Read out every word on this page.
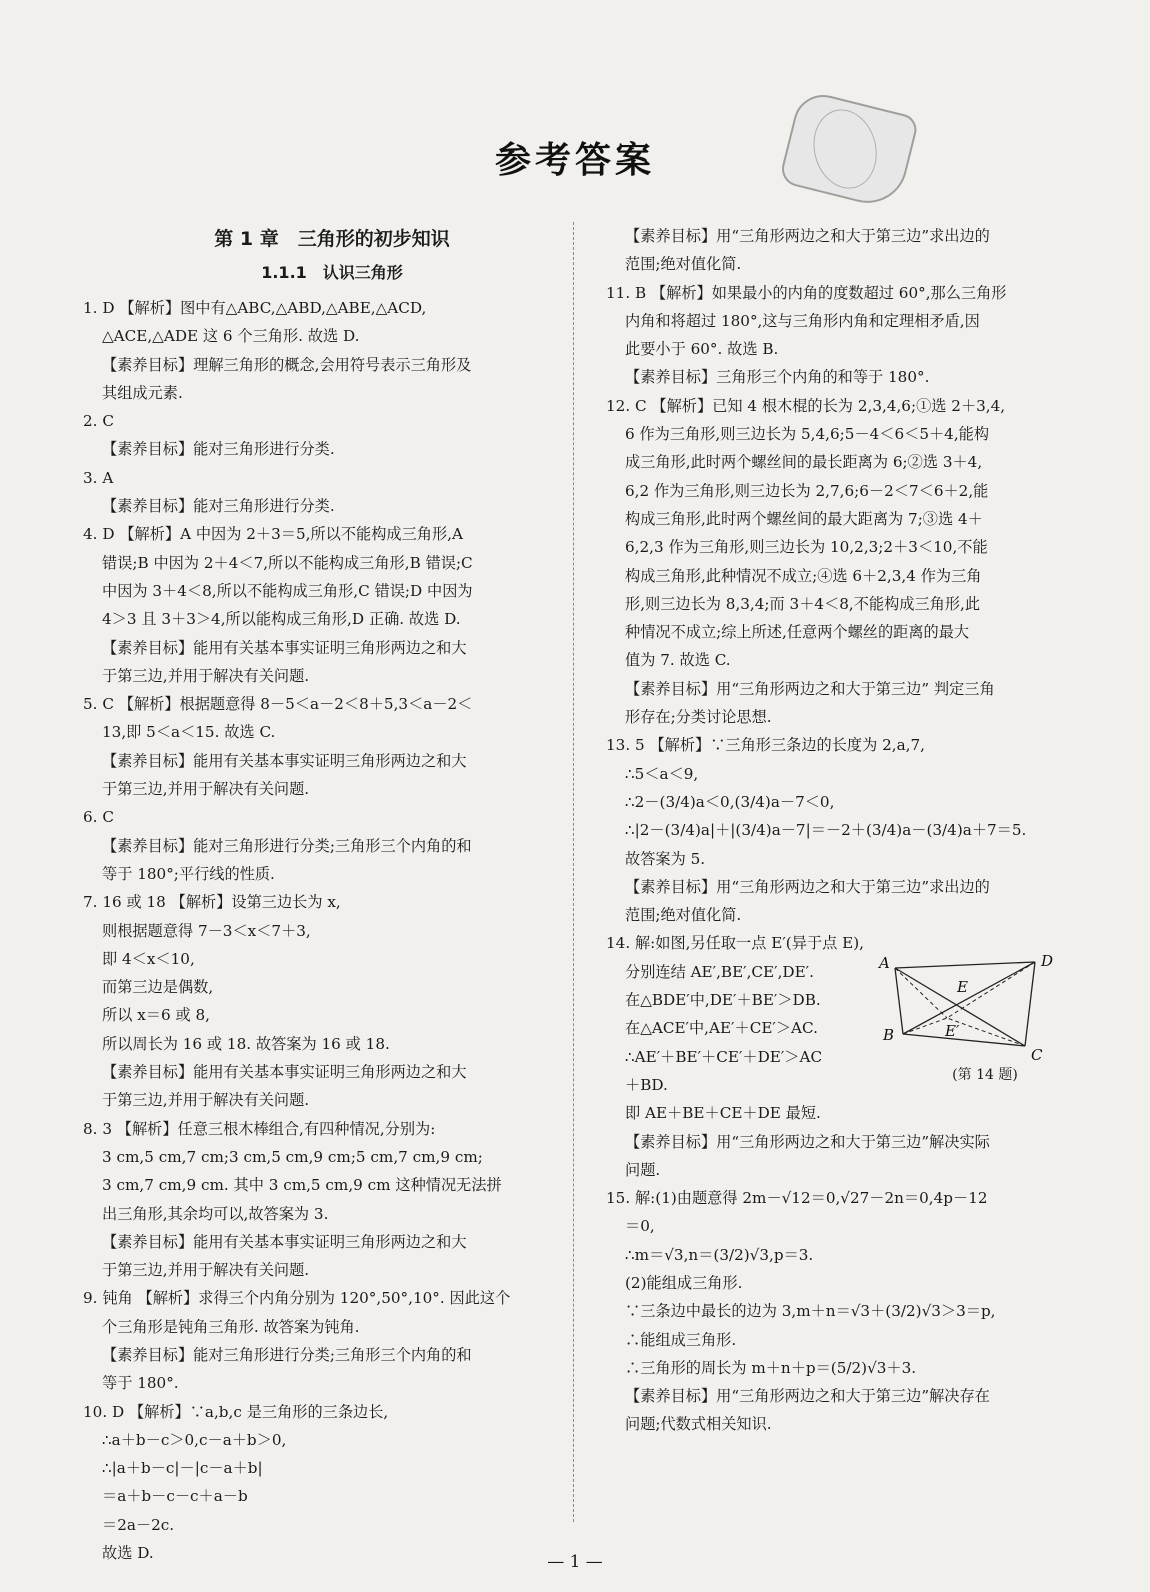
参考答案
第 1 章　三角形的初步知识
1.1.1　认识三角形
1. D 【解析】图中有△ABC,△ABD,△ABE,△ACD,
△ACE,△ADE 这 6 个三角形. 故选 D.
【素养目标】理解三角形的概念,会用符号表示三角形及
其组成元素.
2. C
【素养目标】能对三角形进行分类.
3. A
【素养目标】能对三角形进行分类.
4. D 【解析】A 中因为 2＋3＝5,所以不能构成三角形,A
错误;B 中因为 2＋4＜7,所以不能构成三角形,B 错误;C
中因为 3＋4＜8,所以不能构成三角形,C 错误;D 中因为
4＞3 且 3＋3＞4,所以能构成三角形,D 正确. 故选 D.
【素养目标】能用有关基本事实证明三角形两边之和大
于第三边,并用于解决有关问题.
5. C 【解析】根据题意得 8－5＜a－2＜8＋5,3＜a－2＜
13,即 5＜a＜15. 故选 C.
【素养目标】能用有关基本事实证明三角形两边之和大
于第三边,并用于解决有关问题.
6. C
【素养目标】能对三角形进行分类;三角形三个内角的和
等于 180°;平行线的性质.
7. 16 或 18 【解析】设第三边长为 x,
则根据题意得 7－3＜x＜7＋3,
即 4＜x＜10,
而第三边是偶数,
所以 x＝6 或 8,
所以周长为 16 或 18. 故答案为 16 或 18.
【素养目标】能用有关基本事实证明三角形两边之和大
于第三边,并用于解决有关问题.
8. 3 【解析】任意三根木棒组合,有四种情况,分别为:
3 cm,5 cm,7 cm;3 cm,5 cm,9 cm;5 cm,7 cm,9 cm;
3 cm,7 cm,9 cm. 其中 3 cm,5 cm,9 cm 这种情况无法拼
出三角形,其余均可以,故答案为 3.
【素养目标】能用有关基本事实证明三角形两边之和大
于第三边,并用于解决有关问题.
9. 钝角 【解析】求得三个内角分别为 120°,50°,10°. 因此这个
个三角形是钝角三角形. 故答案为钝角.
【素养目标】能对三角形进行分类;三角形三个内角的和
等于 180°.
10. D 【解析】∵a,b,c 是三角形的三条边长,
∴a＋b－c＞0,c－a＋b＞0,
∴|a＋b－c|－|c－a＋b|
＝a＋b－c－c＋a－b
＝2a－2c.
故选 D.
【素养目标】用“三角形两边之和大于第三边”求出边的
范围;绝对值化简.
11. B 【解析】如果最小的内角的度数超过 60°,那么三角形
内角和将超过 180°,这与三角形内角和定理相矛盾,因
此要小于 60°. 故选 B.
【素养目标】三角形三个内角的和等于 180°.
12. C 【解析】已知 4 根木棍的长为 2,3,4,6;①选 2＋3,4,
6 作为三角形,则三边长为 5,4,6;5－4＜6＜5＋4,能构
成三角形,此时两个螺丝间的最长距离为 6;②选 3＋4,
6,2 作为三角形,则三边长为 2,7,6;6－2＜7＜6＋2,能
构成三角形,此时两个螺丝间的最大距离为 7;③选 4＋
6,2,3 作为三角形,则三边长为 10,2,3;2＋3＜10,不能
构成三角形,此种情况不成立;④选 6＋2,3,4 作为三角
形,则三边长为 8,3,4;而 3＋4＜8,不能构成三角形,此
种情况不成立;综上所述,任意两个螺丝的距离的最大
值为 7. 故选 C.
【素养目标】用“三角形两边之和大于第三边” 判定三角
形存在;分类讨论思想.
13. 5 【解析】∵三角形三条边的长度为 2,a,7,
∴5＜a＜9,
∴2－(3/4)a＜0,(3/4)a－7＜0,
∴|2－(3/4)a|＋|(3/4)a－7|＝－2＋(3/4)a－(3/4)a＋7＝5.
故答案为 5.
【素养目标】用“三角形两边之和大于第三边”求出边的
范围;绝对值化简.
14. 解:如图,另任取一点 E′(异于点 E),
分别连结 AE′,BE′,CE′,DE′.
在△BDE′中,DE′＋BE′＞DB.
在△ACE′中,AE′＋CE′＞AC.
∴AE′＋BE′＋CE′＋DE′＞AC
＋BD.
即 AE＋BE＋CE＋DE 最短.
【素养目标】用“三角形两边之和大于第三边”解决实际
问题.
15. 解:(1)由题意得 2m－√12＝0,√27－2n＝0,4p－12
＝0,
∴m＝√3,n＝(3/2)√3,p＝3.
(2)能组成三角形.
∵三条边中最长的边为 3,m＋n＝√3＋(3/2)√3＞3＝p,
∴能组成三角形.
∴三角形的周长为 m＋n＋p＝(5/2)√3＋3.
【素养目标】用“三角形两边之和大于第三边”解决存在
问题;代数式相关知识.
A
B
C
D
E
E′
(第 14 题)
— 1 —
